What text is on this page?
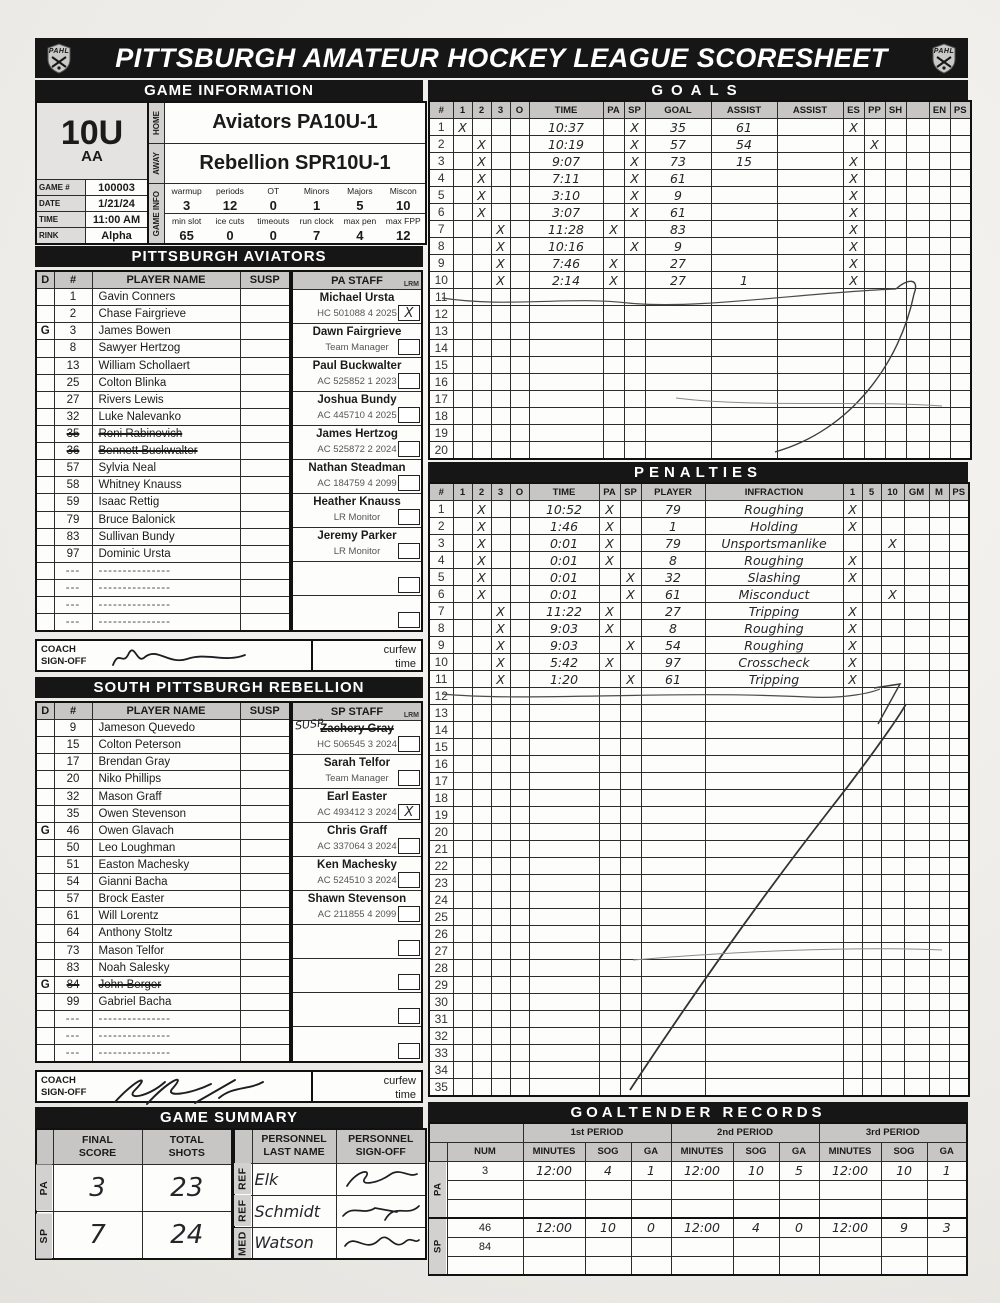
PAHL PITTSBURGH AMATEUR HOCKEY LEAGUE SCORESHEET	PAHL
GAME INFORMATION
10U
AA
GAME #	100003
DATE	1/21/24
TIME	11:00 AM
RINK	Alpha
HOME	Aviators PA10U-1
AWAY	Rebellion SPR10U-1
GAME INFO
warmup	periods	OT	Minors	Majors	Miscon
3	12	0	1	5	10
min slot	ice cuts	timeouts	run clock	max pen	max FPP
65	0	0	7	4	12
PITTSBURGH AVIATORS
D	#	PLAYER NAME	SUSP
	1	Gavin Conners	
	2	Chase Fairgrieve	
G	3	James Bowen	
	8	Sawyer Hertzog	
	13	William Schollaert	
	25	Colton Blinka	
	27	Rivers Lewis	
	32	Luke Nalevanko	
	35	Roni Rabinovich	
	36	Bennett Buckwalter	
	57	Sylvia Neal	
	58	Whitney Knauss	
	59	Isaac Rettig	
	79	Bruce Balonick	
	83	Sullivan Bundy	
	97	Dominic Ursta	
	---	---------------	
	---	---------------	
	---	---------------	
	---	---------------	
PA STAFF	LRM
Michael Ursta
HC 501088 4 2025 X
Dawn Fairgrieve
Team Manager
Paul Buckwalter
AC 525852 1 2023
Joshua Bundy
AC 445710 4 2025
James Hertzog
AC 525872 2 2024
Nathan Steadman
AC 184759 4 2099
Heather Knauss
LR Monitor
Jeremy Parker
LR Monitor
COACH
SIGN-OFF
curfew
time
SOUTH PITTSBURGH REBELLION
D	#	PLAYER NAME	SUSP
	9	Jameson Quevedo	
	15	Colton Peterson	
	17	Brendan Gray	
	20	Niko Phillips	
	32	Mason Graff	
	35	Owen Stevenson	
G	46	Owen Glavach	
	50	Leo Loughman	
	51	Easton Machesky	
	54	Gianni Bacha	
	57	Brock Easter	
	61	Will Lorentz	
	64	Anthony Stoltz	
	73	Mason Telfor	
	83	Noah Salesky	
G	84	John Berger	
	99	Gabriel Bacha	
	---	---------------	
	---	---------------	
	---	---------------	
SP STAFF	LRM
SUSP
Zachery Gray
HC 506545 3 2024
Sarah Telfor
Team Manager
Earl Easter
AC 493412 3 2024 X
Chris Graff
AC 337064 3 2024
Ken Machesky
AC 524510 3 2024
Shawn Stevenson
AC 211855 4 2099
COACH
SIGN-OFF
curfew
time
GAME SUMMARY
	FINAL
SCORE	TOTAL
SHOTS
PA	3	23
SP	7	24
	PERSONNEL
LAST NAME	PERSONNEL
SIGN-OFF
REF	Elk	

REF	Schmidt	

MED	Watson	
GOALS
#	1	2	3	O	TIME	PA	SP	GOAL	ASSIST	ASSIST	ES	PP	SH		EN	PS
1	X				10:37		X	35	61		X					
2		X			10:19		X	57	54			X				
3		X			9:07		X	73	15		X					
4		X			7:11		X	61			X					
5		X			3:10		X	9			X					
6		X			3:07		X	61			X					
7			X		11:28	X		83			X					
8			X		10:16		X	9			X					
9			X		7:46	X		27			X					
10			X		2:14	X		27	1		X					
11																
12																
13																
14																
15																
16																
17																
18																
19																
20																
PENALTIES
#	1	2	3	O	TIME	PA	SP	PLAYER	INFRACTION	1	5	10	GM	M	PS
1		X			10:52	X		79	Roughing	X					
2		X			1:46	X		1	Holding	X					
3		X			0:01	X		79	Unsportsmanlike			X			
4		X			0:01	X		8	Roughing	X					
5		X			0:01		X	32	Slashing	X					
6		X			0:01		X	61	Misconduct			X			
7			X		11:22	X		27	Tripping	X					
8			X		9:03	X		8	Roughing	X					
9			X		9:03		X	54	Roughing	X					
10			X		5:42	X		97	Crosscheck	X					
11			X		1:20		X	61	Tripping	X					
12															
13															
14															
15															
16															
17															
18															
19															
20															
21															
22															
23															
24															
25															
26															
27															
28															
29															
30															
31															
32															
33															
34															
35															
GOALTENDER RECORDS
		1st PERIOD			2nd PERIOD			3rd PERIOD		
	NUM	MINUTES	SOG	GA	MINUTES	SOG	GA	MINUTES	SOG	GA
PA	3	12:00	4	1	12:00	10	5	12:00	10	1

SP	46	12:00	10	0	12:00	4	0	12:00	9	3
	84									
